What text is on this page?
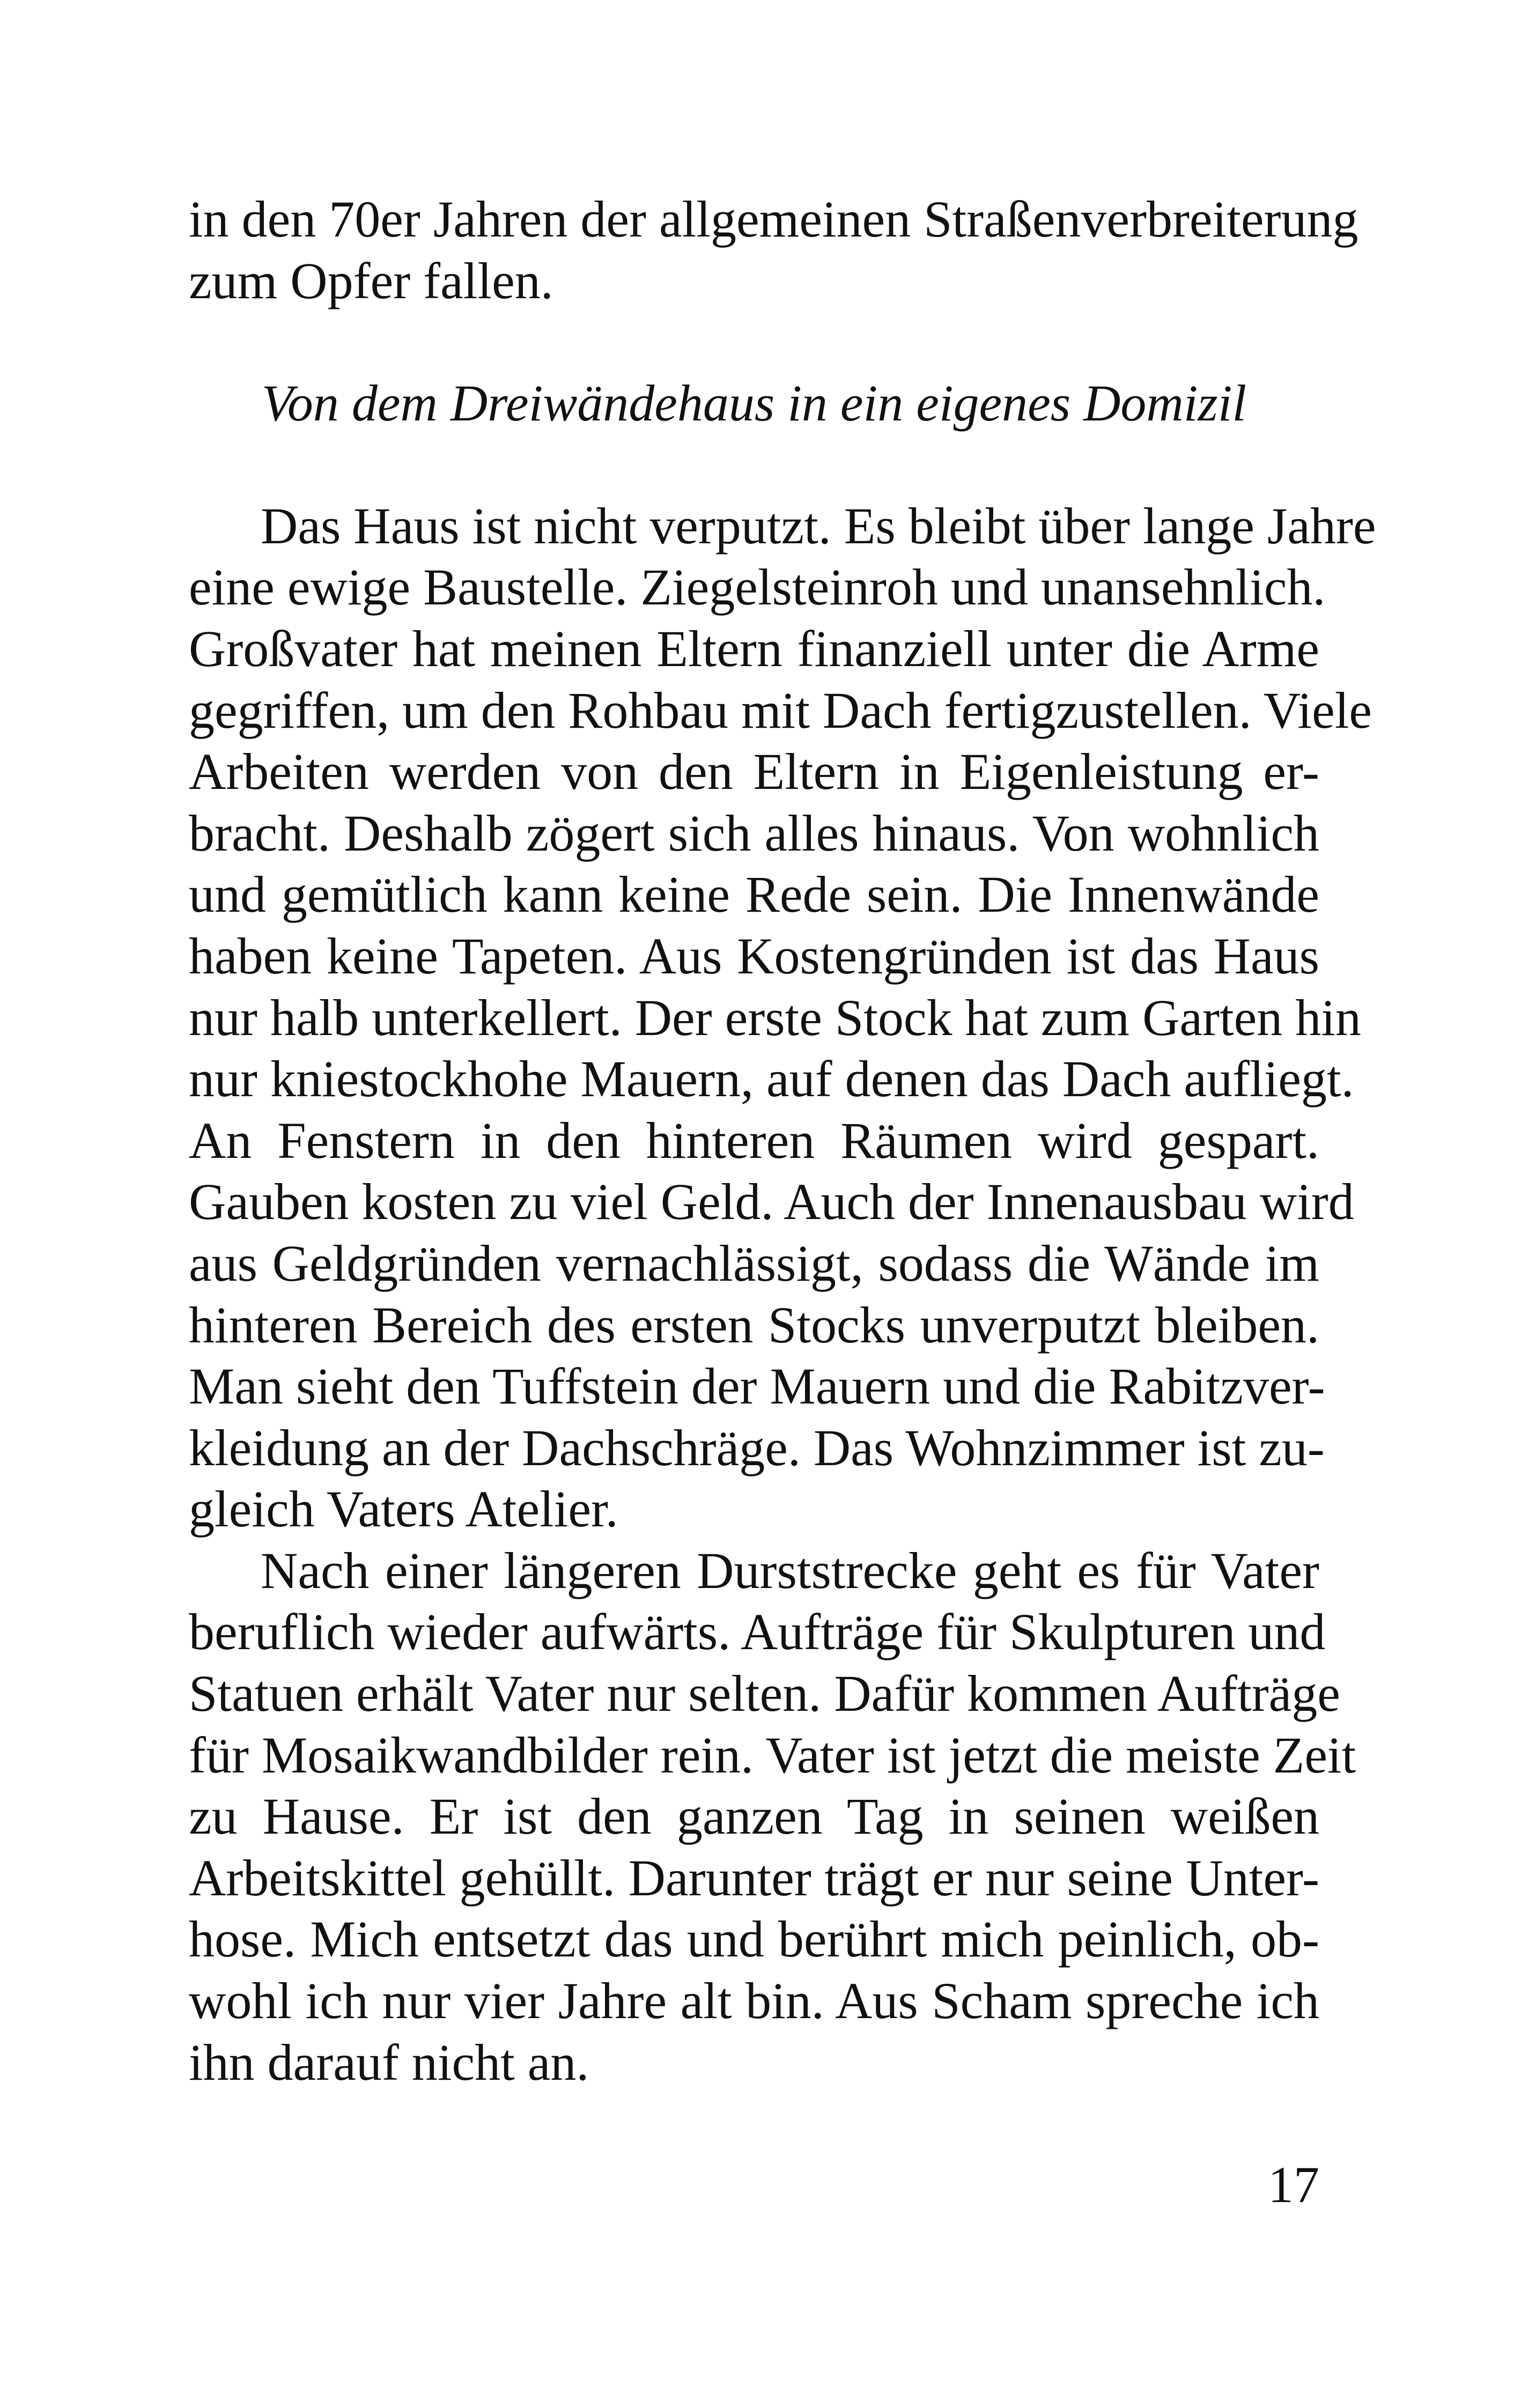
in den 70er Jahren der allgemeinen Straßenverbreiterung
zum Opfer fallen.
Von dem Dreiwändehaus in ein eigenes Domizil
Das Haus ist nicht verputzt. Es bleibt über lange Jahre
eine ewige Baustelle. Ziegelsteinroh und unansehnlich.
Großvater hat meinen Eltern finanziell unter die Arme
gegriffen, um den Rohbau mit Dach fertigzustellen. Viele
Arbeiten werden von den Eltern in Eigenleistung er-
bracht. Deshalb zögert sich alles hinaus. Von wohnlich
und gemütlich kann keine Rede sein. Die Innenwände
haben keine Tapeten. Aus Kostengründen ist das Haus
nur halb unterkellert. Der erste Stock hat zum Garten hin
nur kniestockhohe Mauern, auf denen das Dach aufliegt.
An Fenstern in den hinteren Räumen wird gespart.
Gauben kosten zu viel Geld. Auch der Innenausbau wird
aus Geldgründen vernachlässigt, sodass die Wände im
hinteren Bereich des ersten Stocks unverputzt bleiben.
Man sieht den Tuffstein der Mauern und die Rabitzver-
kleidung an der Dachschräge. Das Wohnzimmer ist zu-
gleich Vaters Atelier.
Nach einer längeren Durststrecke geht es für Vater
beruflich wieder aufwärts. Aufträge für Skulpturen und
Statuen erhält Vater nur selten. Dafür kommen Aufträge
für Mosaikwandbilder rein. Vater ist jetzt die meiste Zeit
zu Hause. Er ist den ganzen Tag in seinen weißen
Arbeitskittel gehüllt. Darunter trägt er nur seine Unter-
hose. Mich entsetzt das und berührt mich peinlich, ob-
wohl ich nur vier Jahre alt bin. Aus Scham spreche ich
ihn darauf nicht an.
17
